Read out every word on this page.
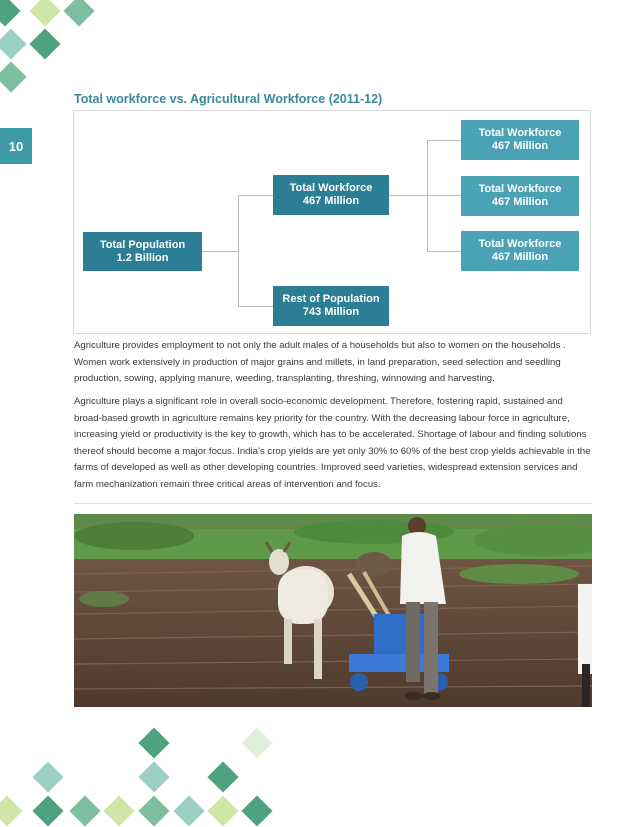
10
Total workforce vs. Agricultural Workforce (2011-12)
Total Population
1.2 Billion
Total Workforce
467 Million
Rest of Population
743 Million
Total Workforce
467 Million
Total Workforce
467 Million
Total Workforce
467 Million

Agriculture provides employment to not only the adult males of a households but also to women on the households . Women work extensively in production of major grains and millets, in land preparation, seed selection and seedling production, sowing, applying manure, weeding, transplanting, threshing, winnowing and harvesting.

Agriculture plays a significant role in overall socio-economic development. Therefore, fostering rapid, sustained and broad-based growth in agriculture remains key priority for the country. With the decreasing labour force in agriculture, increasing yield or productivity is the key to growth, which has to be accelerated. Shortage of labour and finding solutions thereof should become a major focus. India’s crop yields are yet only 30% to 60% of the best crop yields achievable in the farms of developed as well as other developing countries. Improved seed varieties, widespread extension services and farm mechanization remain three critical areas of intervention and focus.
